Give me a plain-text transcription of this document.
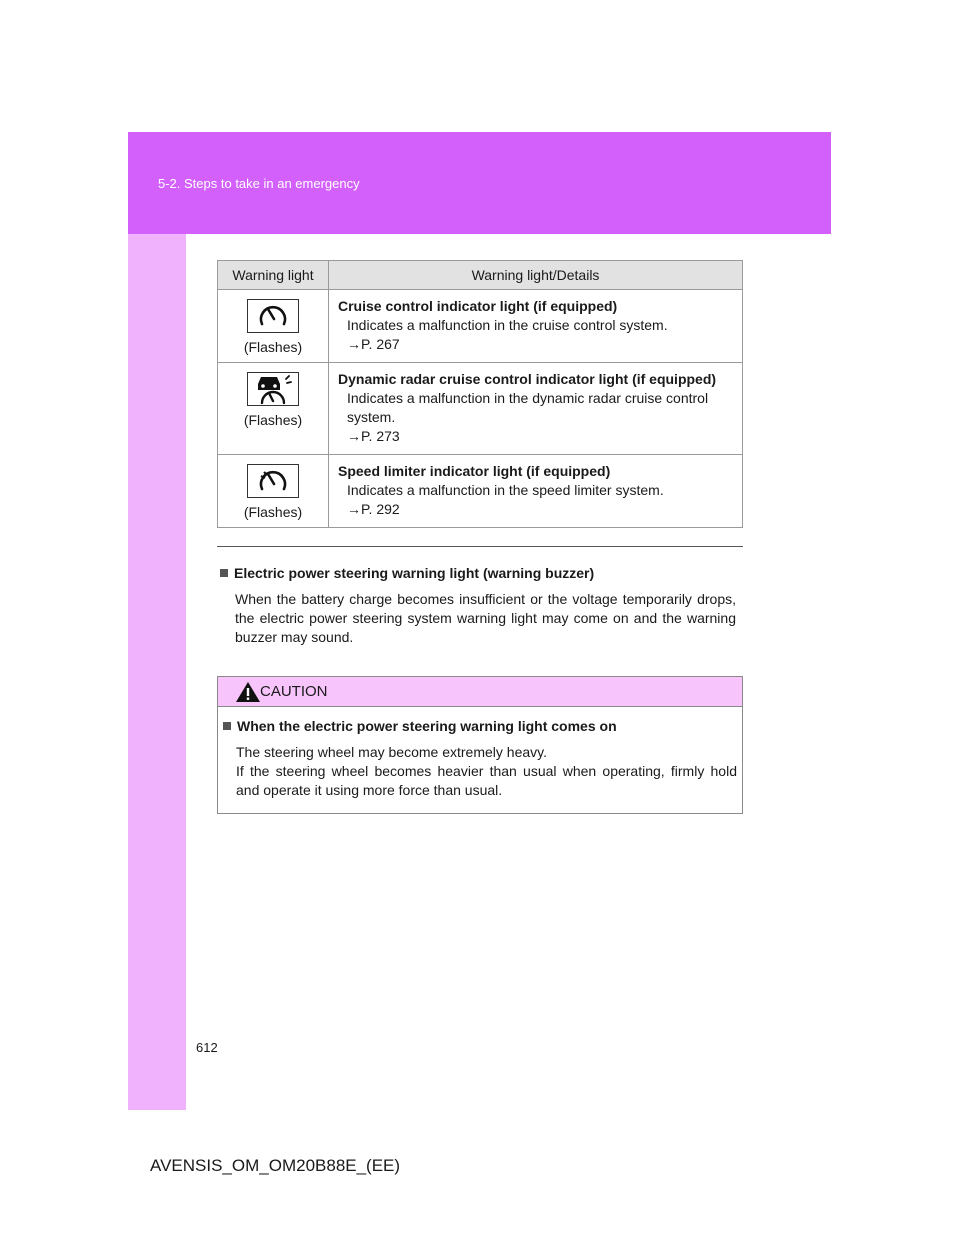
5-2. Steps to take in an emergency
Warning light	Warning light/Details

(Flashes)	Cruise control indicator light (if equipped)
Indicates a malfunction in the cruise control system.
→P. 267

(Flashes)	Dynamic radar cruise control indicator light (if equipped)
Indicates a malfunction in the dynamic radar cruise control system.
→P. 273

(Flashes)	Speed limiter indicator light (if equipped)
Indicates a malfunction in the speed limiter system.
→P. 292
Electric power steering warning light (warning buzzer)
When the battery charge becomes insufficient or the voltage temporarily drops, the electric power steering system warning light may come on and the warning buzzer may sound.
CAUTION
When the electric power steering warning light comes on
The steering wheel may become extremely heavy.
If the steering wheel becomes heavier than usual when operating, firmly hold and operate it using more force than usual.
612
AVENSIS_OM_OM20B88E_(EE)
